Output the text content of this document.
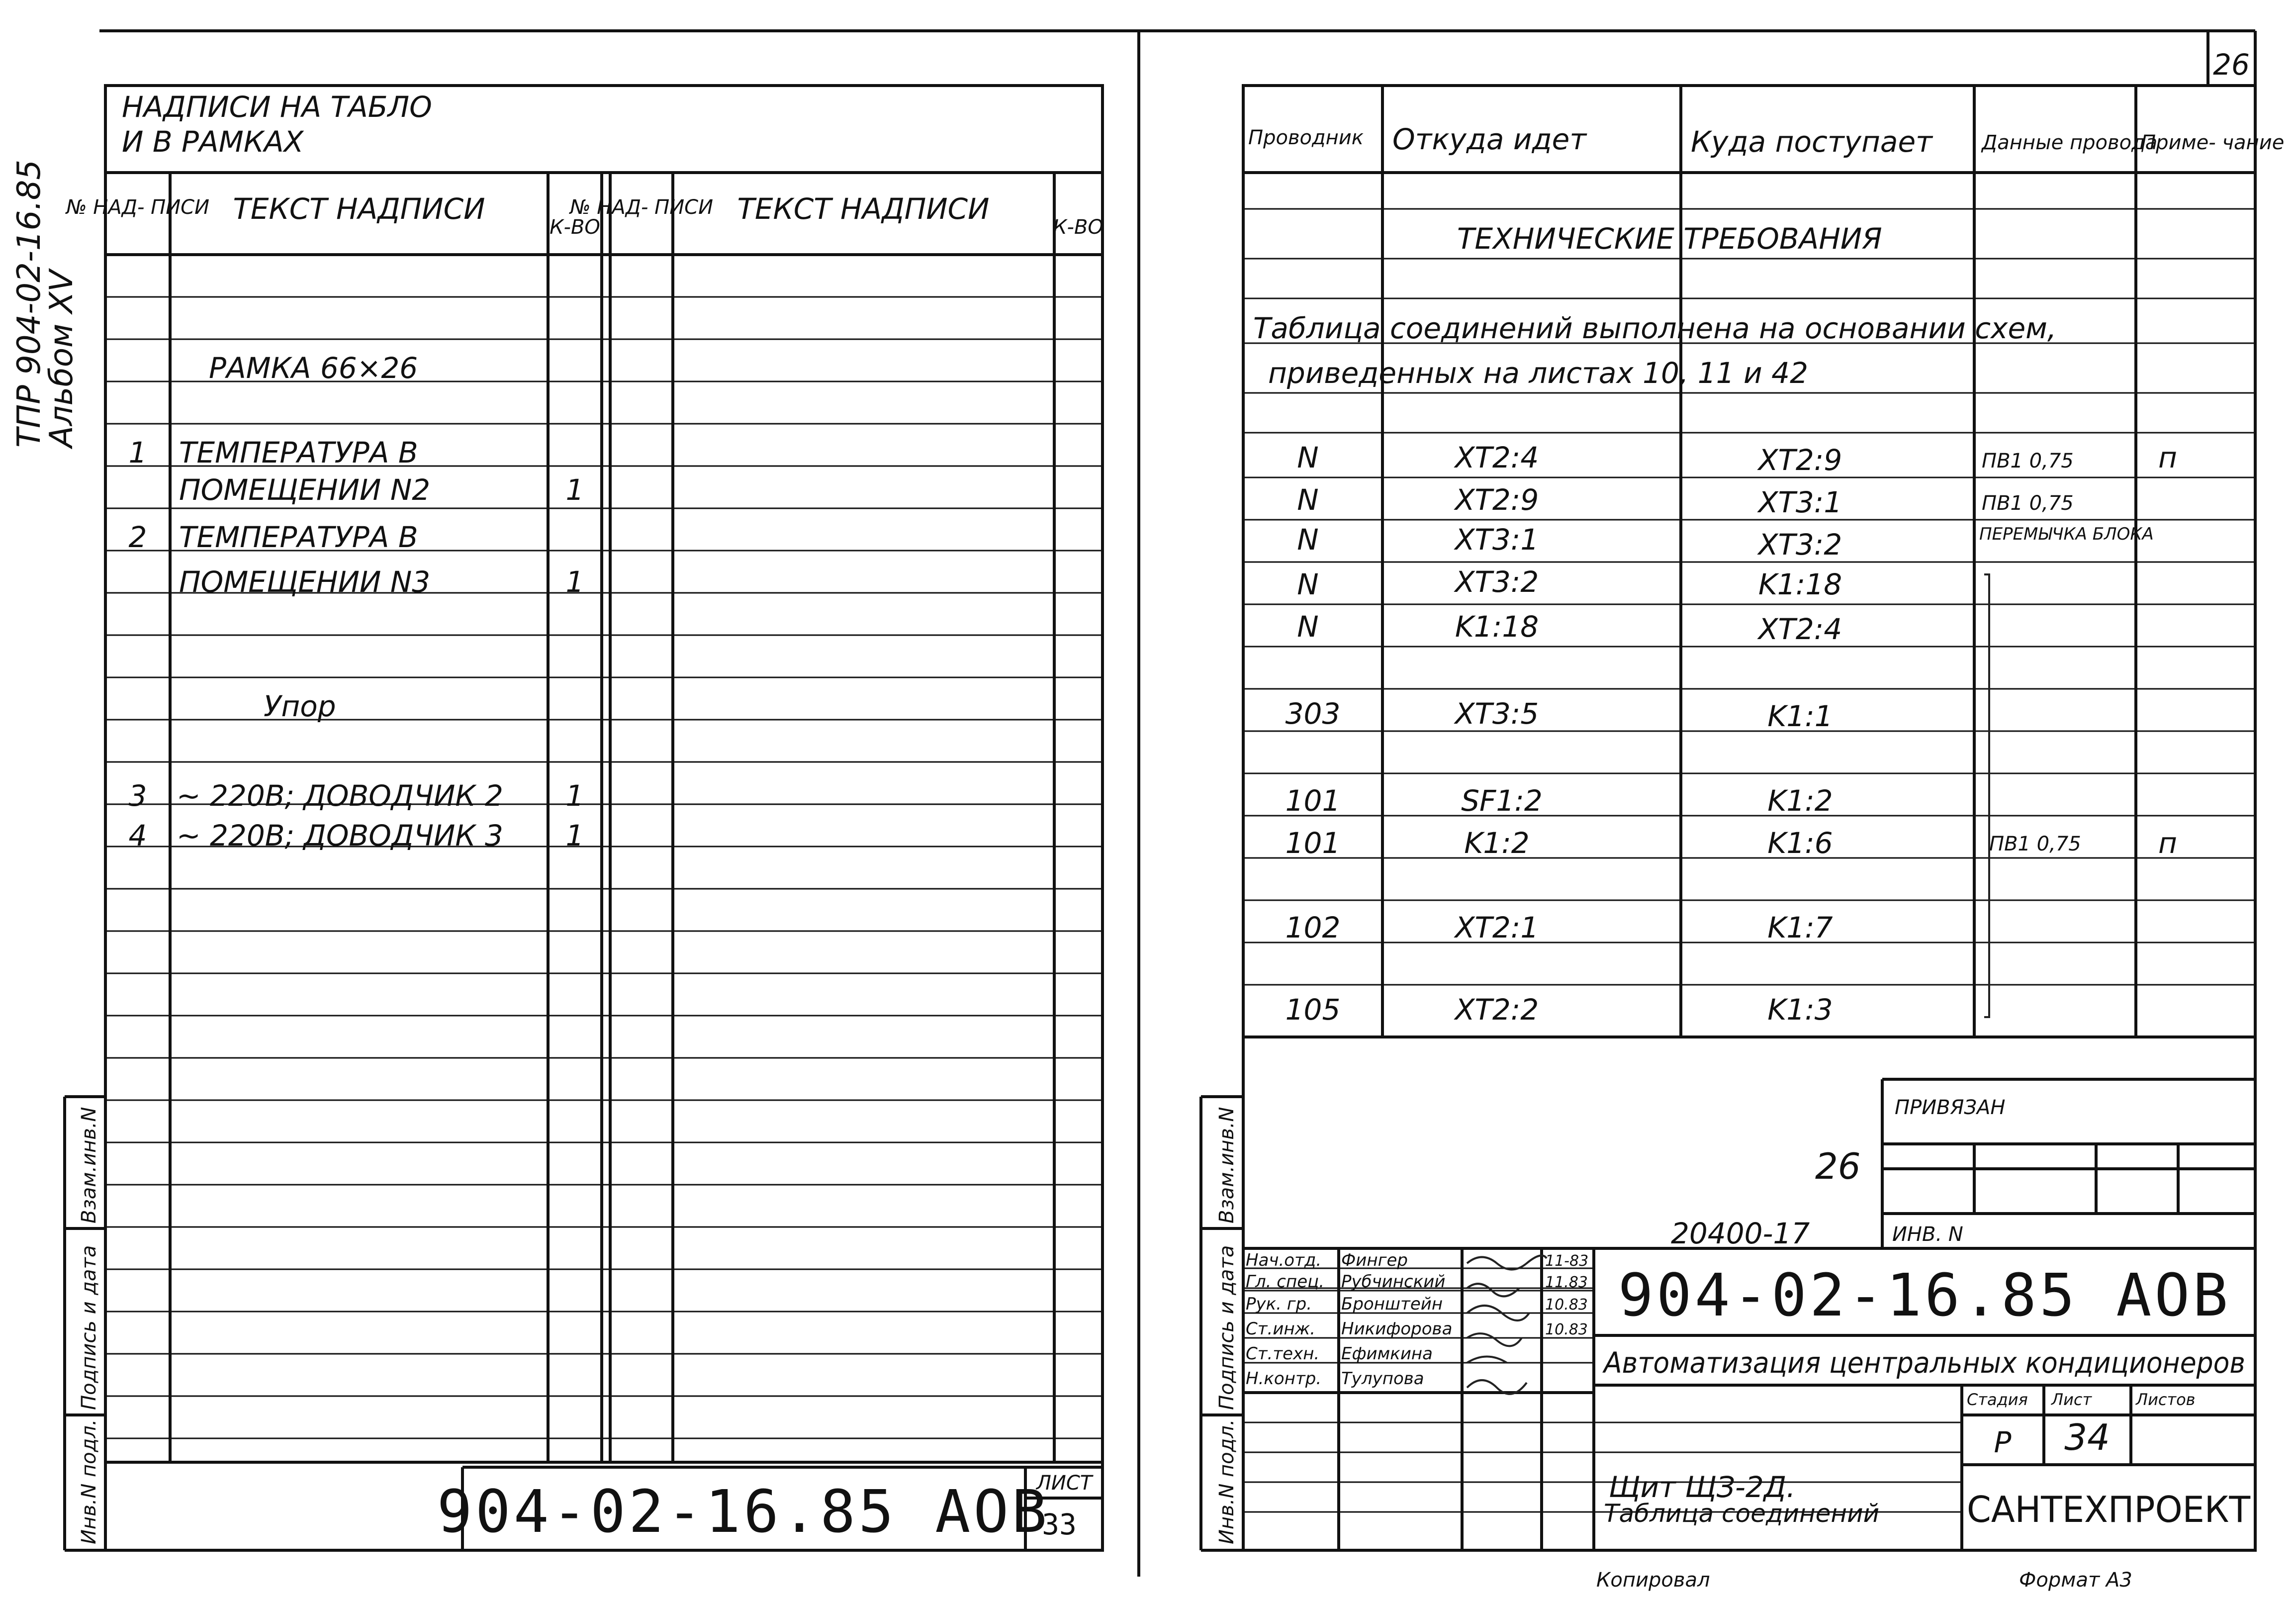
26
ТПР 904-02-16.85
Альбом XV
НАДПИСИ НА ТАБЛО
И В РАМКАХ
№ НАД- ПИСИ ТЕКСТ НАДПИСИ
К-ВО
№ НАД- ПИСИ ТЕКСТ НАДПИСИ
К-ВО
РАМКА 66×26
1 ТЕМПЕРАТУРА В
ПОМЕЩЕНИИ N2	1
2 ТЕМПЕРАТУРА В
ПОМЕЩЕНИИ N3	1
Упор
3 ~ 220В; ДОВОДЧИК 2 1
4 ~ 220В; ДОВОДЧИК 3 1
Инв.N подл.
Подпись и дата
Взам.инв.N
904-02-16.85 АОВ
ЛИСТ
33
Проводник Откуда идет	Куда поступает Данные провода
Приме- чание
ТЕХНИЧЕСКИЕ ТРЕБОВАНИЯ
Таблица соединений выполнена на основании схем,
приведенных на листах 10, 11 и 42
N	XT2:4	XT2:9	ПВ1 0,75	п
N	XT2:9	XT3:1	ПВ1 0,75
N	XT3:1	XT3:2	ПЕРЕМЫЧКА БЛОКА
N	XT3:2	K1:18
N	K1:18	XT2:4
303	XT3:5	K1:1
101	SF1:2	K1:2
101	K1:2	K1:6	ПВ1 0,75	п
102	XT2:1	K1:7
105	XT2:2	K1:3
Инв.N подл.
Подпись и дата
Взам.инв.N	ПРИВЯЗАН
ИНВ. N
26
20400-17
Нач.отд. Фингер	11-83
Гл. спец. Рубчинский	11.83
Рук. гр. Бронштейн	10.83
Ст.инж. Никифорова	10.83
Ст.техн. Ефимкина
Н.контр. Тулупова
904-02-16.85 АОВ
Автоматизация центральных кондиционеров
Стадия Лист	Листов
Р 34
Щит ЩЗ-2Д.
Таблица соединений САНТЕХПРОЕКТ
Копировал	Формат А3
